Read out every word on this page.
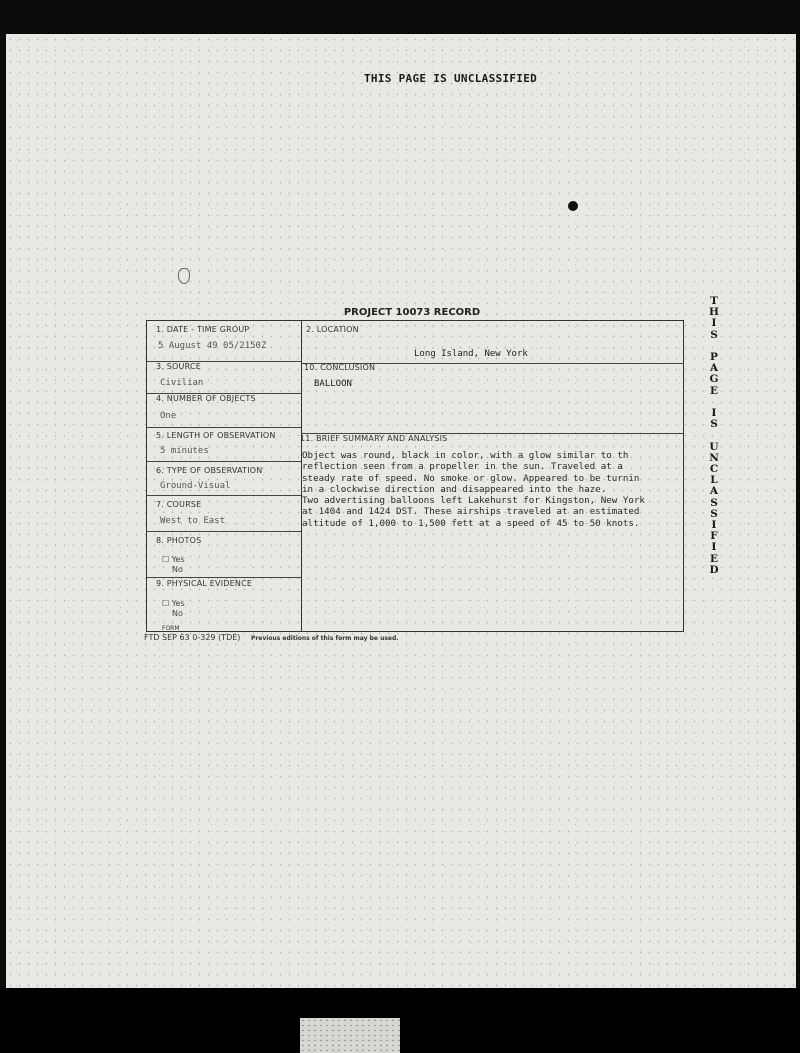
THIS PAGE IS UNCLASSIFIED
PROJECT 10073 RECORD
1. DATE - TIME GROUP
5 August 49 05/2150Z
2. LOCATION
Long Island, New York
3. SOURCE
Civilian
10. CONCLUSION
BALLOON
4. NUMBER OF OBJECTS
One
5. LENGTH OF OBSERVATION
5 minutes
11. BRIEF SUMMARY AND ANALYSIS
6. TYPE OF OBSERVATION
Ground-Visual
7. COURSE
West to East
8. PHOTOS
☐ Yes
No
9. PHYSICAL EVIDENCE
☐ Yes
No
Object was round, black in color, with a glow similar to th
reflection seen from a propeller in the sun. Traveled at a
steady rate of speed. No smoke or glow. Appeared to be turnin
in a clockwise direction and disappeared into the haze.
Two advertising balloons left Lakehurst for Kingston, New York
at 1404 and 1424 DST. These airships traveled at an estimated
altitude of 1,000 to 1,500 fett at a speed of 45 to 50 knots.
FORM
FTD SEP 63 0-329 (TDE) Previous editions of this form may be used.
T
H
I
S
P
A
G
E
I
S
U
N
C
L
A
S
S
I
F
I
E
D
